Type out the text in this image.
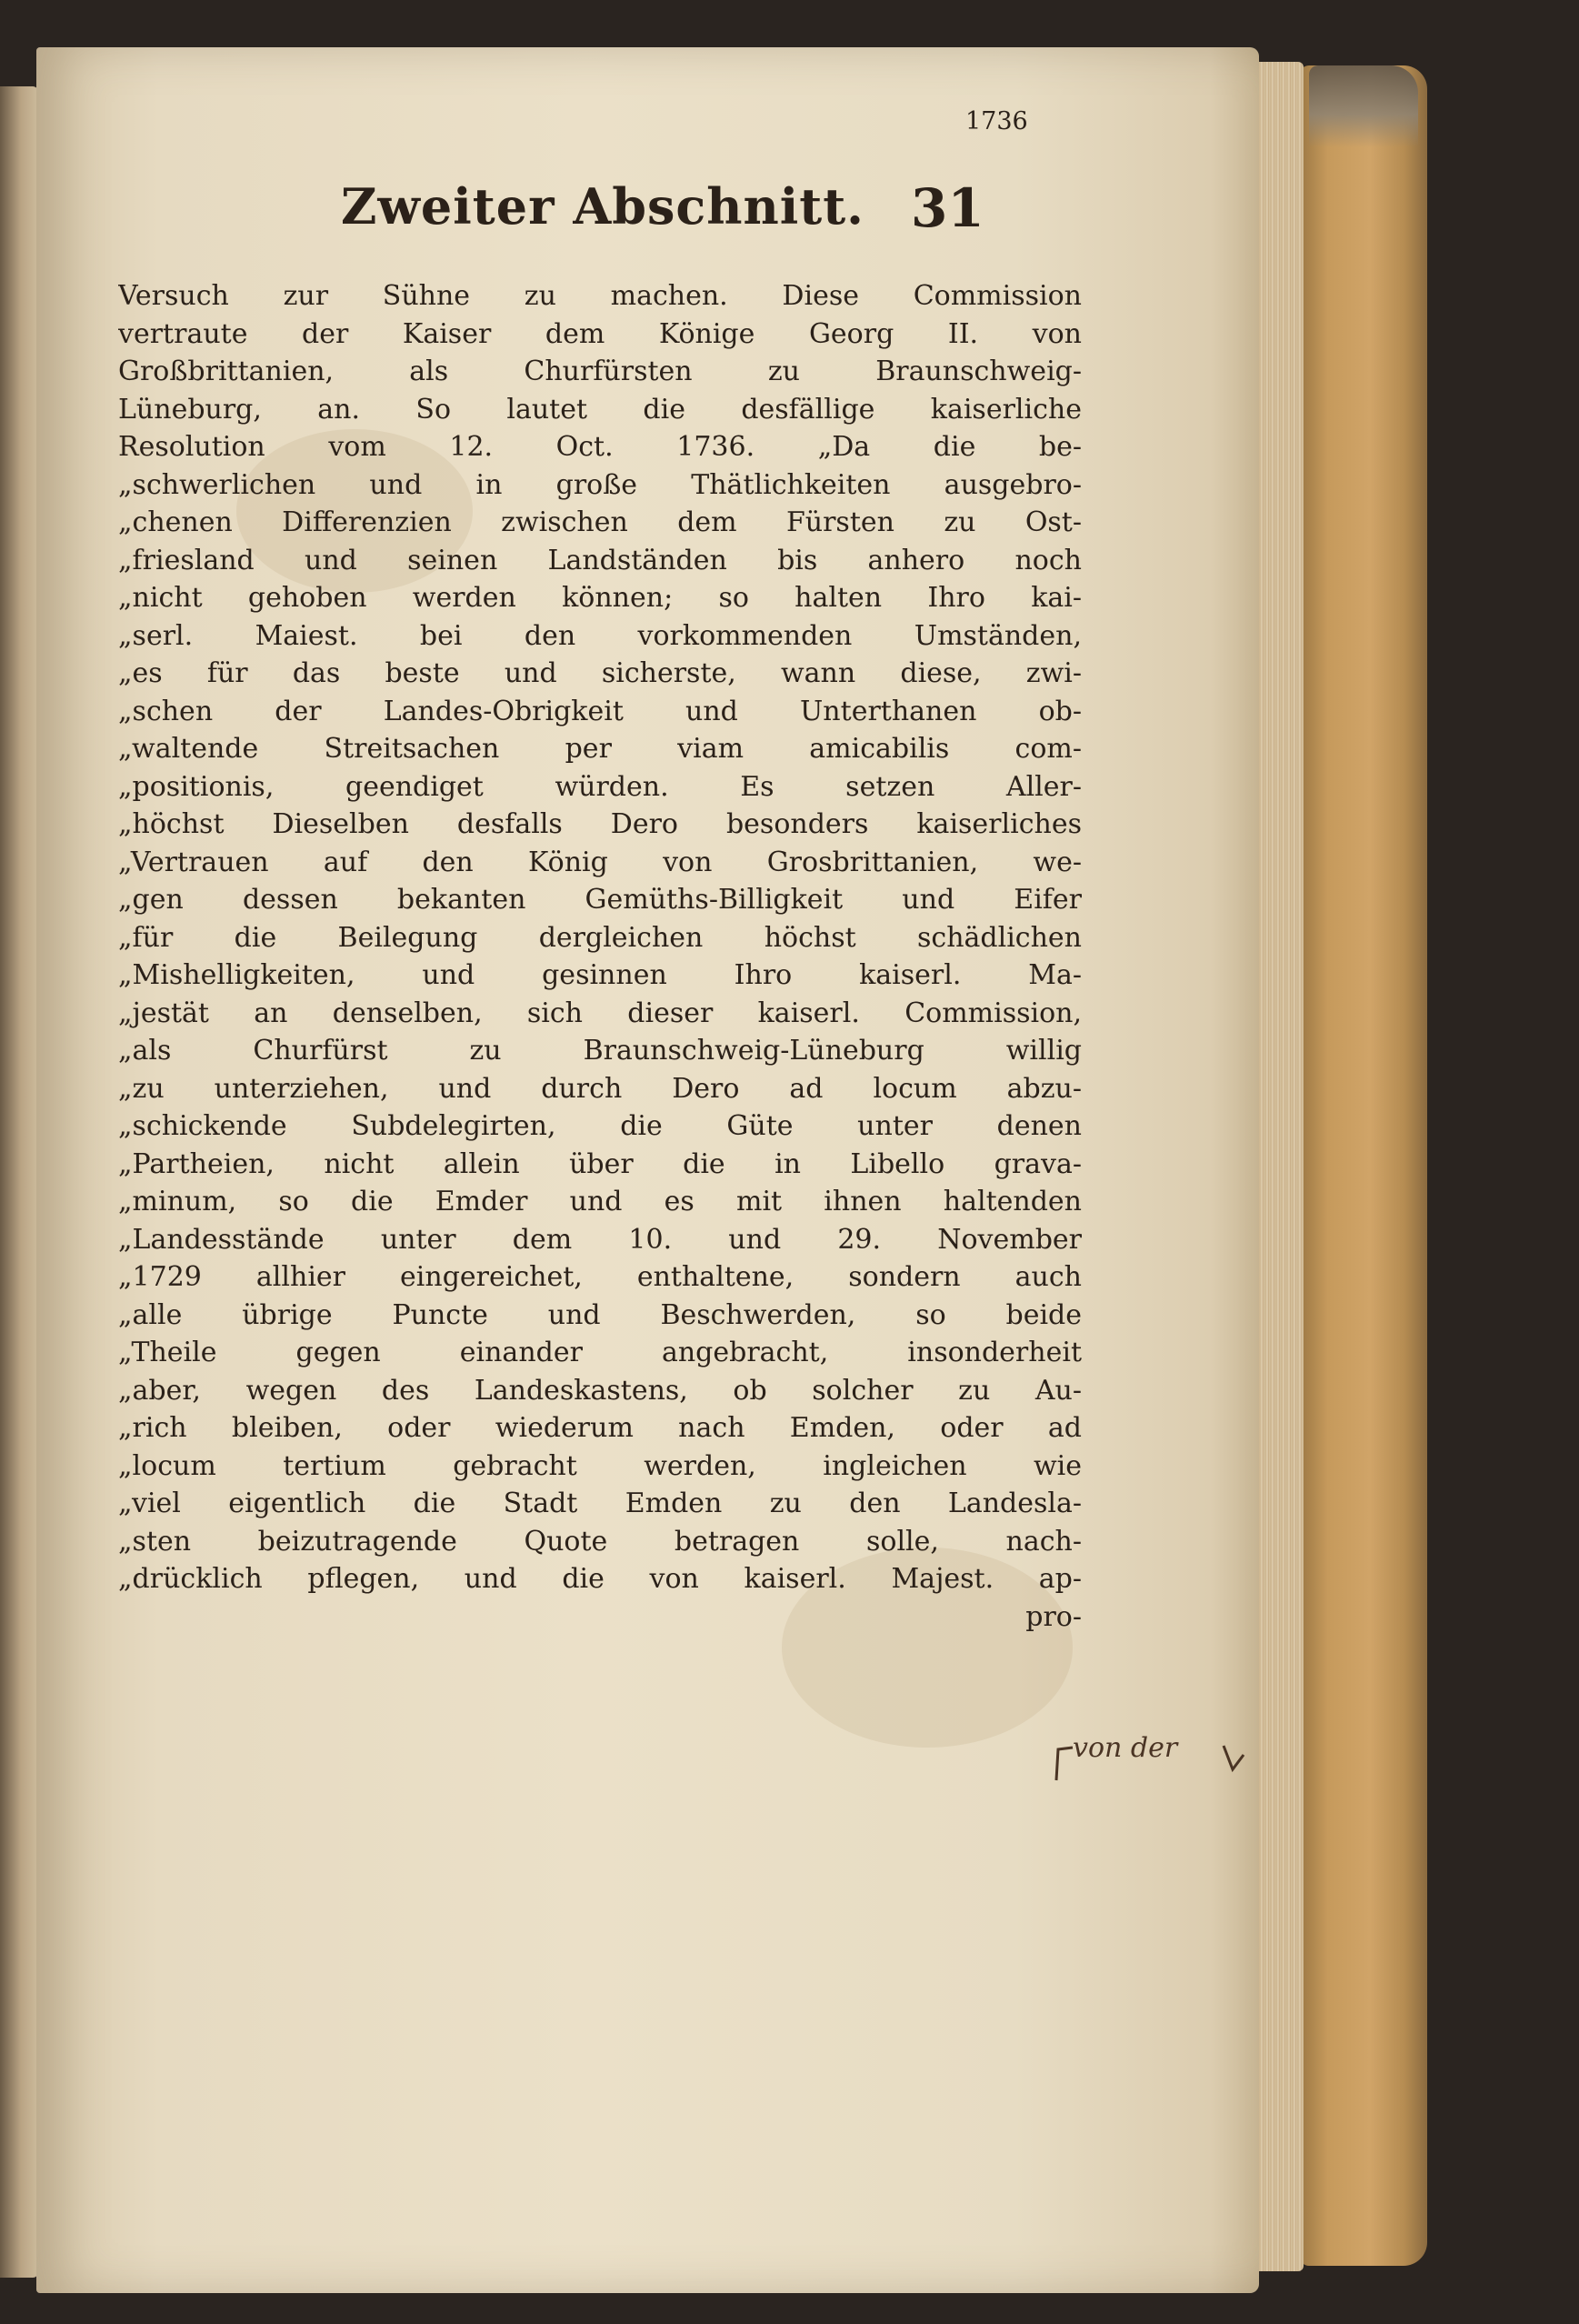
Zweiter Abschnitt. 31
Versuch zur Sühne zu machen. Diese Commission
vertraute der Kaiser dem Könige Georg II. von
Großbrittanien, als Churfürsten zu Braunschweig-
Lüneburg, an. So lautet die desfällige kaiserliche
Resolution vom 12. Oct. 1736. „Da die be-
„schwerlichen und in große Thätlichkeiten ausgebro-
„chenen Differenzien zwischen dem Fürsten zu Ost-
„friesland und seinen Landständen bis anhero noch
„nicht gehoben werden können; so halten Ihro kai-
„serl. Maiest. bei den vorkommenden Umständen,
„es für das beste und sicherste, wann diese, zwi-
„schen der Landes-Obrigkeit und Unterthanen ob-
„waltende Streitsachen per viam amicabilis com-
„positionis, geendiget würden. Es setzen Aller-
„höchst Dieselben desfalls Dero besonders kaiserliches
„Vertrauen auf den König von Grosbrittanien, we-
„gen dessen bekanten Gemüths-Billigkeit und Eifer
„für die Beilegung dergleichen höchst schädlichen
„Mishelligkeiten, und gesinnen Ihro kaiserl. Ma-
„jestät an denselben, sich dieser kaiserl. Commission,
„als Churfürst zu Braunschweig-Lüneburg willig
„zu unterziehen, und durch Dero ad locum abzu-
„schickende Subdelegirten, die Güte unter denen
„Partheien, nicht allein über die in Libello grava-
„minum, so die Emder und es mit ihnen haltenden
„Landesstände unter dem 10. und 29. November
„1729 allhier eingereichet, enthaltene, sondern auch
„alle übrige Puncte und Beschwerden, so beide
„Theile gegen einander angebracht, insonderheit
„aber, wegen des Landeskastens, ob solcher zu Au-
„rich bleiben, oder wiederum nach Emden, oder ad
„locum tertium gebracht werden, ingleichen wie
„viel eigentlich die Stadt Emden zu den Landesla-
„sten beizutragende Quote betragen solle, nach-
„drücklich pflegen, und die von kaiserl. Majest. ap-
pro-
1736
von der
